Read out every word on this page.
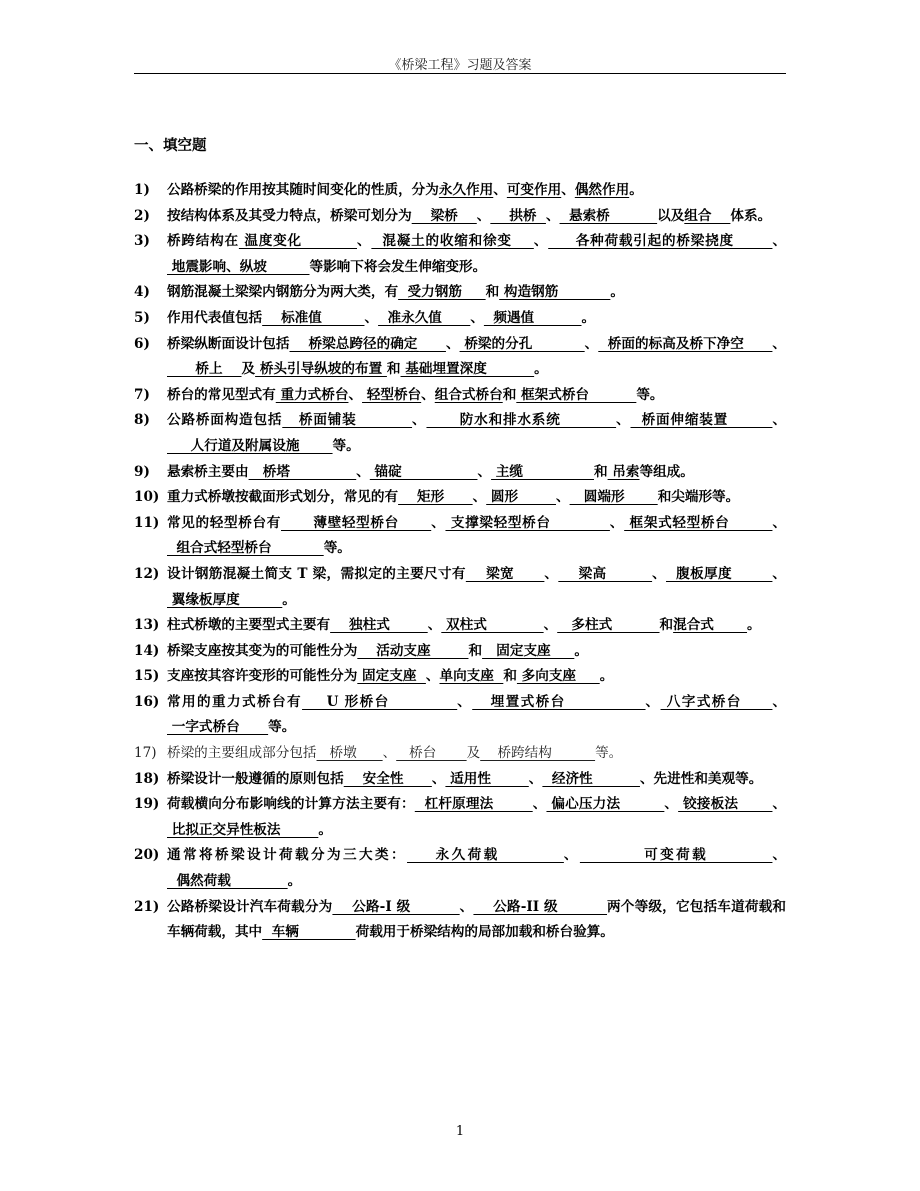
《桥梁工程》习题及答案
一、填空题
1)	公路桥梁的作用按其随时间变化的性质，分为永久作用、可变作用、偶然作用。
2)	按结构体系及其受力特点，桥梁可划分为    梁桥    、    拱桥  、  悬索桥          以及组合    体系。
3)	桥跨结构在 温度变化          、  混凝土的收缩和徐变    、     各种荷载引起的桥梁挠度       、 地震影响、纵坡         等影响下将会发生伸缩变形。
4)	钢筋混凝土梁梁内钢筋分为两大类，有  受力钢筋     和 构造钢筋           。
5)	作用代表值包括    标准值         、  准永久值      、  频遇值          。
6)	桥梁纵断面设计包括    桥梁总跨径的确定      、 桥梁的分孔           、  桥面的标高及桥下净空      、      桥上    及 桥头引导纵坡的布置 和 基础埋置深度          。
7)	桥台的常见型式有 重力式桥台、 轻型桥台、组合式桥台和 框架式桥台          等。
8)	公路桥面构造包括   桥面铺装          、      防水和排水系统          、  桥面伸缩装置        、     人行道及附属设施       等。
9)	悬索桥主要由   桥塔              、 锚碇                、 主缆               和 吊索等组成。
10) 重力式桥墩按截面形式划分，常见的有    矩形      、 圆形        、   圆端形       和尖端形等。
11) 常见的轻型桥台有      薄壁轻型桥台      、 支撑梁轻型桥台           、 框架式轻型桥台        、  组合式轻型桥台           等。
12) 设计钢筋混凝土简支 T 梁，需拟定的主要尺寸有    梁宽      、    梁高         、  腹板厚度        、 翼缘板厚度         。
13) 柱式桥墩的主要型式主要有    独柱式        、 双柱式            、   多柱式          和混合式       。
14) 桥梁支座按其变为的可能性分为    活动支座        和   固定支座     。
15) 支座按其容许变形的可能性分为 固定支座  、单向支座  和 多向支座     。
16) 常用的重力式桥台有    U 形桥台           、   埋置式桥台             、 八字式桥台     、 一字式桥台      等。
17) 桥梁的主要组成部分包括   桥墩      、   桥台       及    桥跨结构          等。
18) 桥梁设计一般遵循的原则包括    安全性      、 适用性        、  经济性          、先进性和美观等。
19) 荷载横向分布影响线的计算方法主要有：  杠杆原理法        、 偏心压力法         、 铰接板法       、 比拟正交异性板法        。
20) 通常将桥梁设计荷载分为三大类：    永久荷载         、         可变荷载         、  偶然荷载            。
21) 公路桥梁设计汽车荷载分为    公路-I 级          、    公路-II 级          两个等级，它包括车道荷载和车辆荷载，其中  车辆            荷载用于桥梁结构的局部加载和桥台验算。
1
